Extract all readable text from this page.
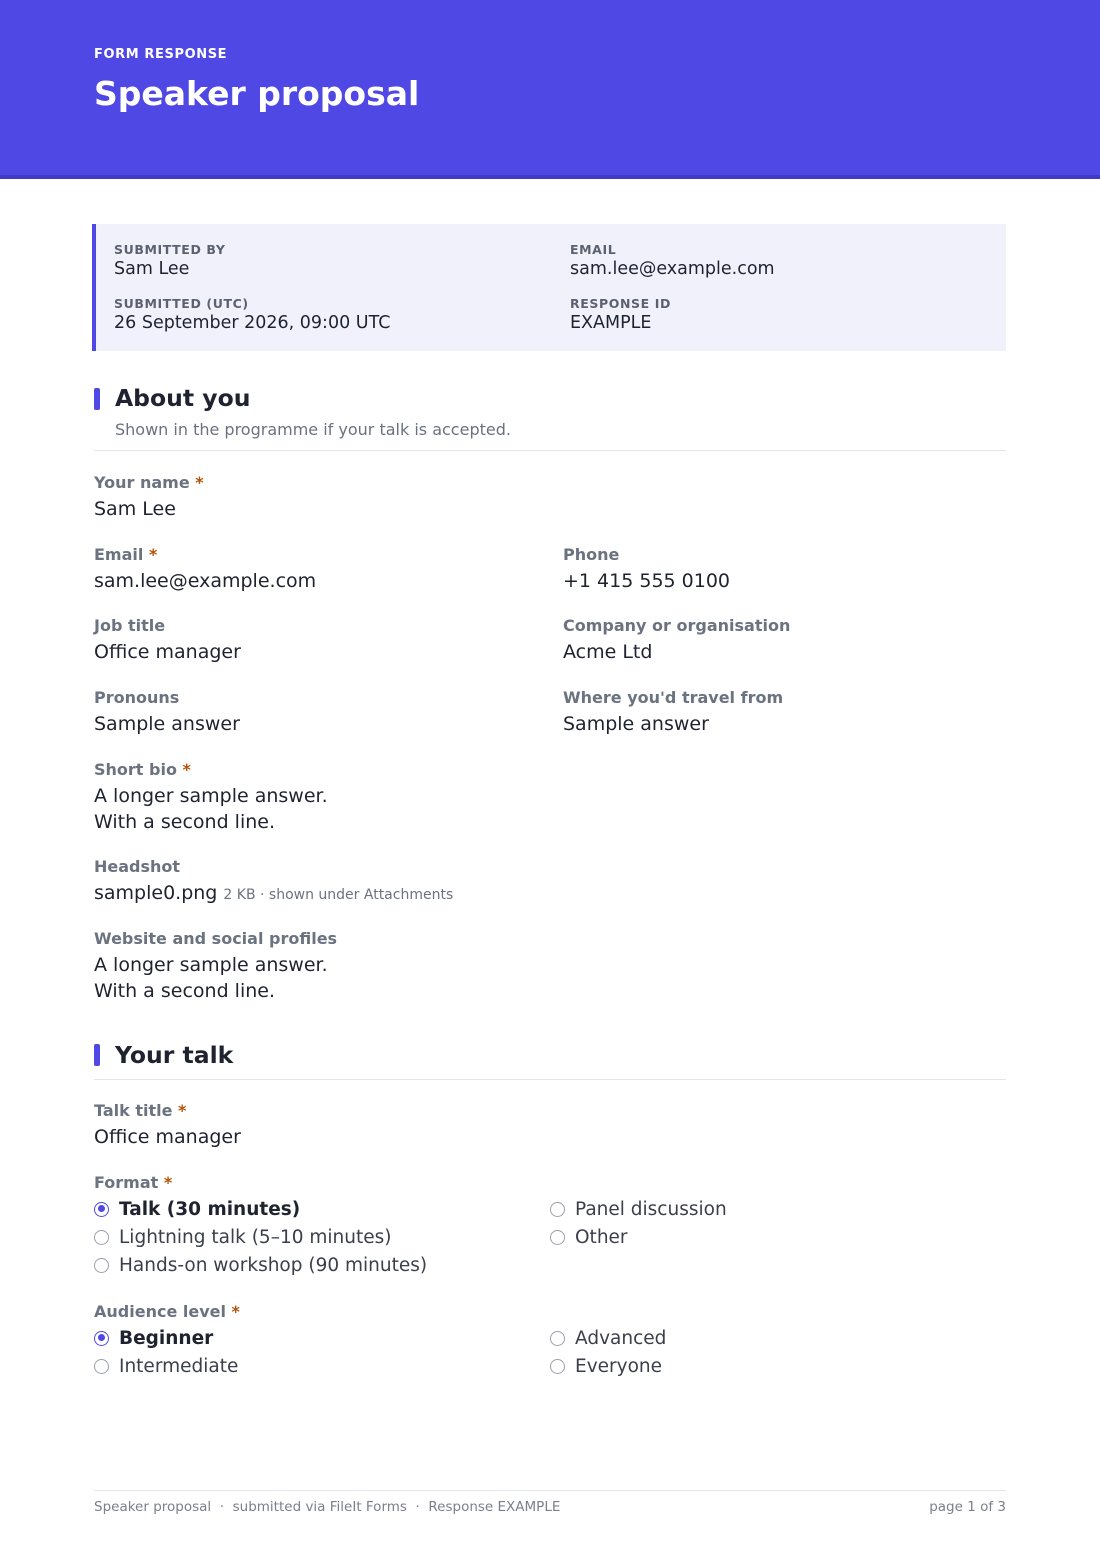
FORM RESPONSE
Speaker proposal
SUBMITTED BY
Sam Lee
EMAIL
sam.lee@example.com
SUBMITTED (UTC)
26 September 2026, 09:00 UTC
RESPONSE ID
EXAMPLE
About you
Shown in the programme if your talk is accepted.
Your name *
Sam Lee
Email *
sam.lee@example.com
Phone
+1 415 555 0100
Job title
Office manager
Company or organisation
Acme Ltd
Pronouns
Sample answer
Where you'd travel from
Sample answer
Short bio *
A longer sample answer.
With a second line.
Headshot
sample0.png 2 KB · shown under Attachments
Website and social profiles
A longer sample answer.
With a second line.
Your talk
Talk title *
Office manager
Format *
Talk (30 minutes)
Lightning talk (5–10 minutes)
Hands-on workshop (90 minutes)
Panel discussion
Other
Audience level *
Beginner
Intermediate
Advanced
Everyone
Speaker proposal  ·  submitted via FileIt Forms  ·  Response EXAMPLE	page 1 of 3
